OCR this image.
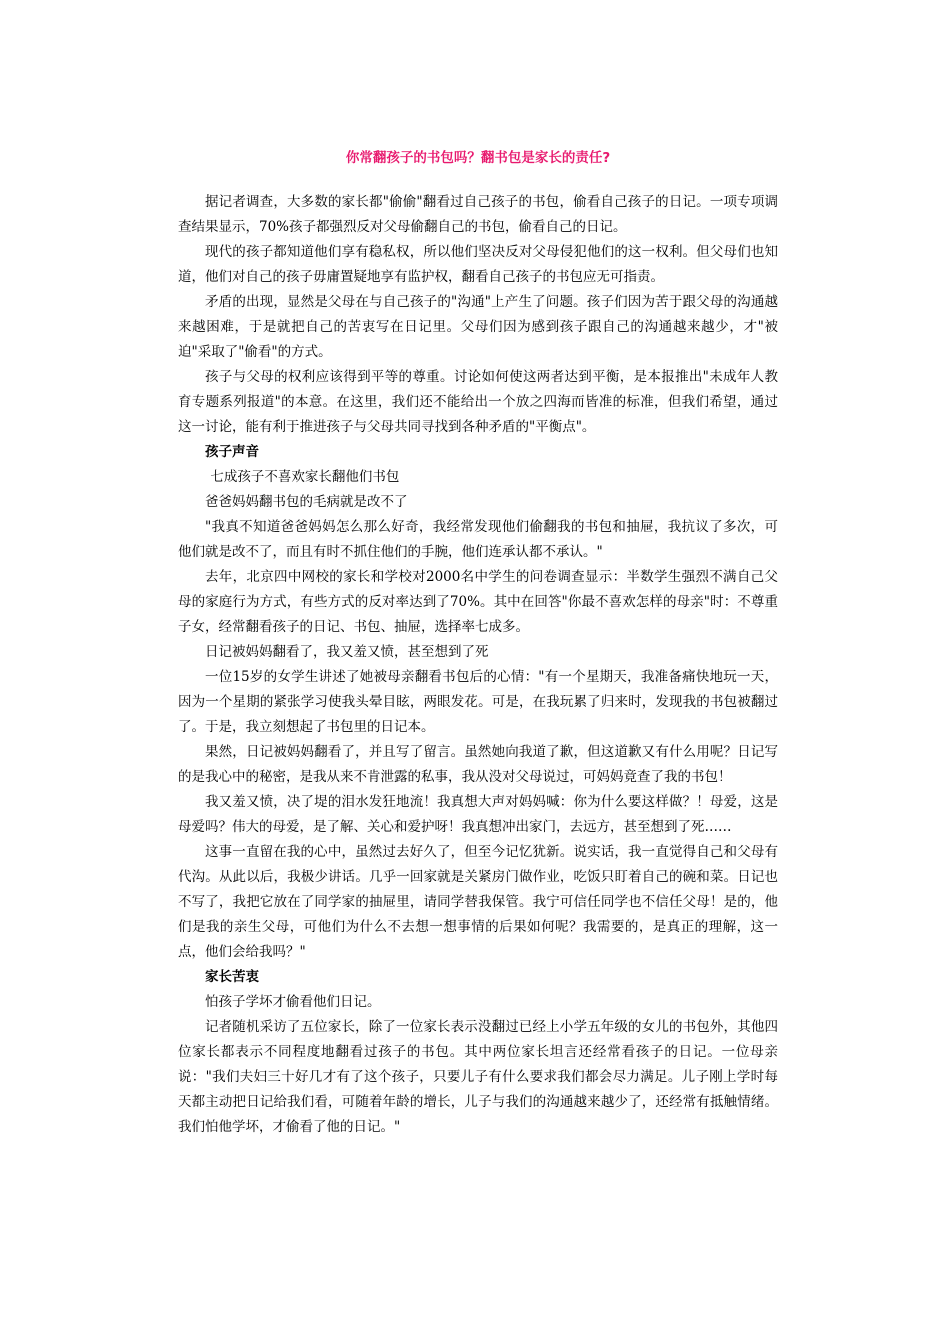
你常翻孩子的书包吗？翻书包是家长的责任?

据记者调查，大多数的家长都"偷偷"翻看过自己孩子的书包，偷看自己孩子的日记。一项专项调查结果显示，70%孩子都强烈反对父母偷翻自己的书包，偷看自己的日记。

现代的孩子都知道他们享有稳私权，所以他们坚决反对父母侵犯他们的这一权利。但父母们也知道，他们对自己的孩子毋庸置疑地享有监护权，翻看自己孩子的书包应无可指责。

矛盾的出现，显然是父母在与自己孩子的"沟通"上产生了问题。孩子们因为苦于跟父母的沟通越来越困难，于是就把自己的苦衷写在日记里。父母们因为感到孩子跟自己的沟通越来越少，才"被迫"采取了"偷看"的方式。

孩子与父母的权利应该得到平等的尊重。讨论如何使这两者达到平衡，是本报推出"未成年人教育专题系列报道"的本意。在这里，我们还不能给出一个放之四海而皆准的标准，但我们希望，通过这一讨论，能有利于推进孩子与父母共同寻找到各种矛盾的"平衡点"。

孩子声音

七成孩子不喜欢家长翻他们书包

爸爸妈妈翻书包的毛病就是改不了

"我真不知道爸爸妈妈怎么那么好奇，我经常发现他们偷翻我的书包和抽屉，我抗议了多次，可他们就是改不了，而且有时不抓住他们的手腕，他们连承认都不承认。"

去年，北京四中网校的家长和学校对2000名中学生的问卷调查显示：半数学生强烈不满自己父母的家庭行为方式，有些方式的反对率达到了70%。其中在回答"你最不喜欢怎样的母亲"时：不尊重子女，经常翻看孩子的日记、书包、抽屉，选择率七成多。

日记被妈妈翻看了，我又羞又愤，甚至想到了死

一位15岁的女学生讲述了她被母亲翻看书包后的心情："有一个星期天，我准备痛快地玩一天，因为一个星期的紧张学习使我头晕目眩，两眼发花。可是，在我玩累了归来时，发现我的书包被翻过了。于是，我立刻想起了书包里的日记本。

果然，日记被妈妈翻看了，并且写了留言。虽然她向我道了歉，但这道歉又有什么用呢？日记写的是我心中的秘密，是我从来不肯泄露的私事，我从没对父母说过，可妈妈竟查了我的书包！

我又羞又愤，决了堤的泪水发狂地流！我真想大声对妈妈喊：你为什么要这样做？！母爱，这是母爱吗？伟大的母爱，是了解、关心和爱护呀！我真想冲出家门，去远方，甚至想到了死……

这事一直留在我的心中，虽然过去好久了，但至今记忆犹新。说实话，我一直觉得自己和父母有代沟。从此以后，我极少讲话。几乎一回家就是关紧房门做作业，吃饭只盯着自己的碗和菜。日记也不写了，我把它放在了同学家的抽屉里，请同学替我保管。我宁可信任同学也不信任父母！是的，他们是我的亲生父母，可他们为什么不去想一想事情的后果如何呢？我需要的，是真正的理解，这一点，他们会给我吗？"

家长苦衷

怕孩子学坏才偷看他们日记。

记者随机采访了五位家长，除了一位家长表示没翻过已经上小学五年级的女儿的书包外，其他四位家长都表示不同程度地翻看过孩子的书包。其中两位家长坦言还经常看孩子的日记。一位母亲说："我们夫妇三十好几才有了这个孩子，只要儿子有什么要求我们都会尽力满足。儿子刚上学时每天都主动把日记给我们看，可随着年龄的增长，儿子与我们的沟通越来越少了，还经常有抵触情绪。我们怕他学坏，才偷看了他的日记。"
